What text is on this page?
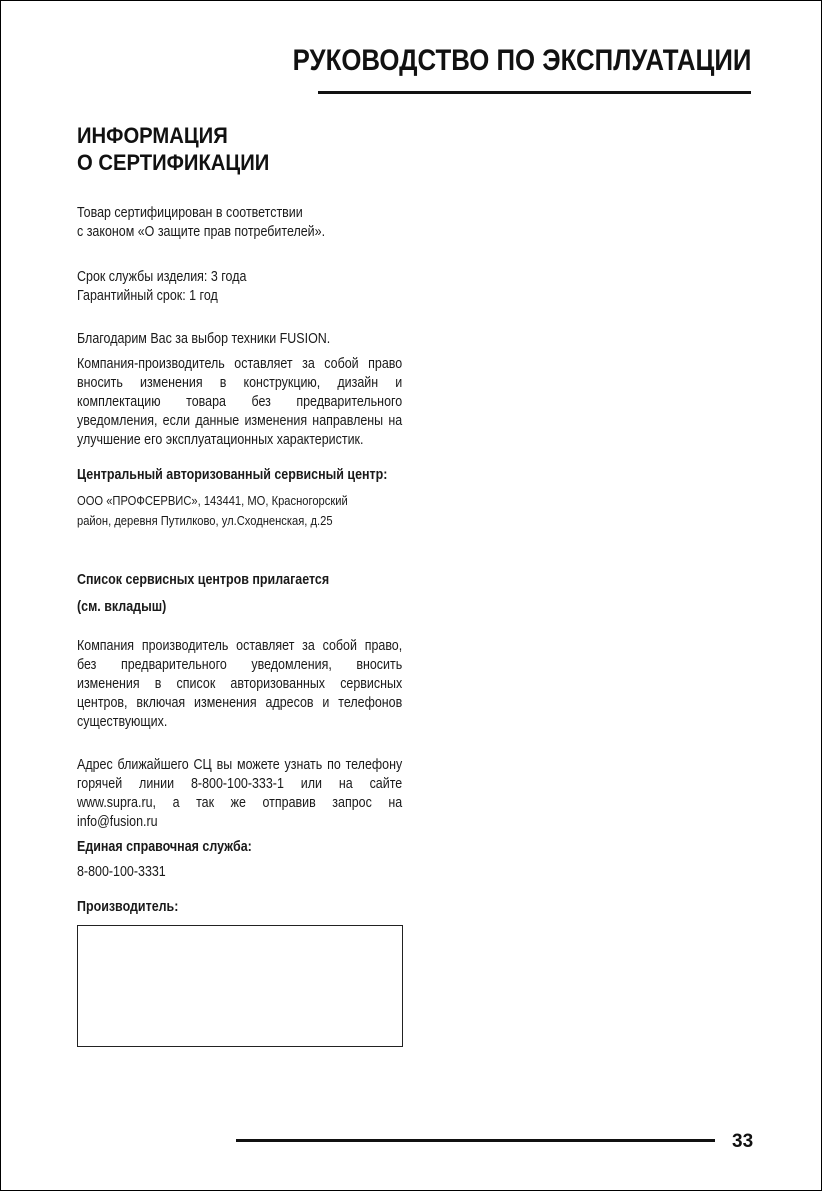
РУКОВОДСТВО ПО ЭКСПЛУАТАЦИИ
ИНФОРМАЦИЯ
О СЕРТИФИКАЦИИ
Товар сертифицирован в соответствии
с законом «О защите прав потребителей».
Срок службы изделия: 3 года
Гарантийный срок: 1 год
Благодарим Вас за выбор техники FUSION.
Компания-производитель оставляет за собой право вносить изменения в конструкцию, дизайн и комплектацию товара без предварительного уведомления, если данные изменения направлены на улучшение его эксплуатационных характеристик.
Центральный авторизованный сервисный центр:
ООО «ПРОФСЕРВИС», 143441, МО, Красногорский
район, деревня Путилково, ул.Сходненская, д.25
Список сервисных центров прилагается
(см. вкладыш)
Компания производитель оставляет за собой право, без предварительного уведомления, вносить изменения в список авторизованных сервисных центров, включая изменения адресов и телефонов существующих.
Адрес ближайшего СЦ вы можете узнать по телефону горячей линии 8-800-100-333-1 или на сайте www.supra.ru, а так же отправив запрос на info@fusion.ru
Единая справочная служба:
8-800-100-3331
Производитель:
33
